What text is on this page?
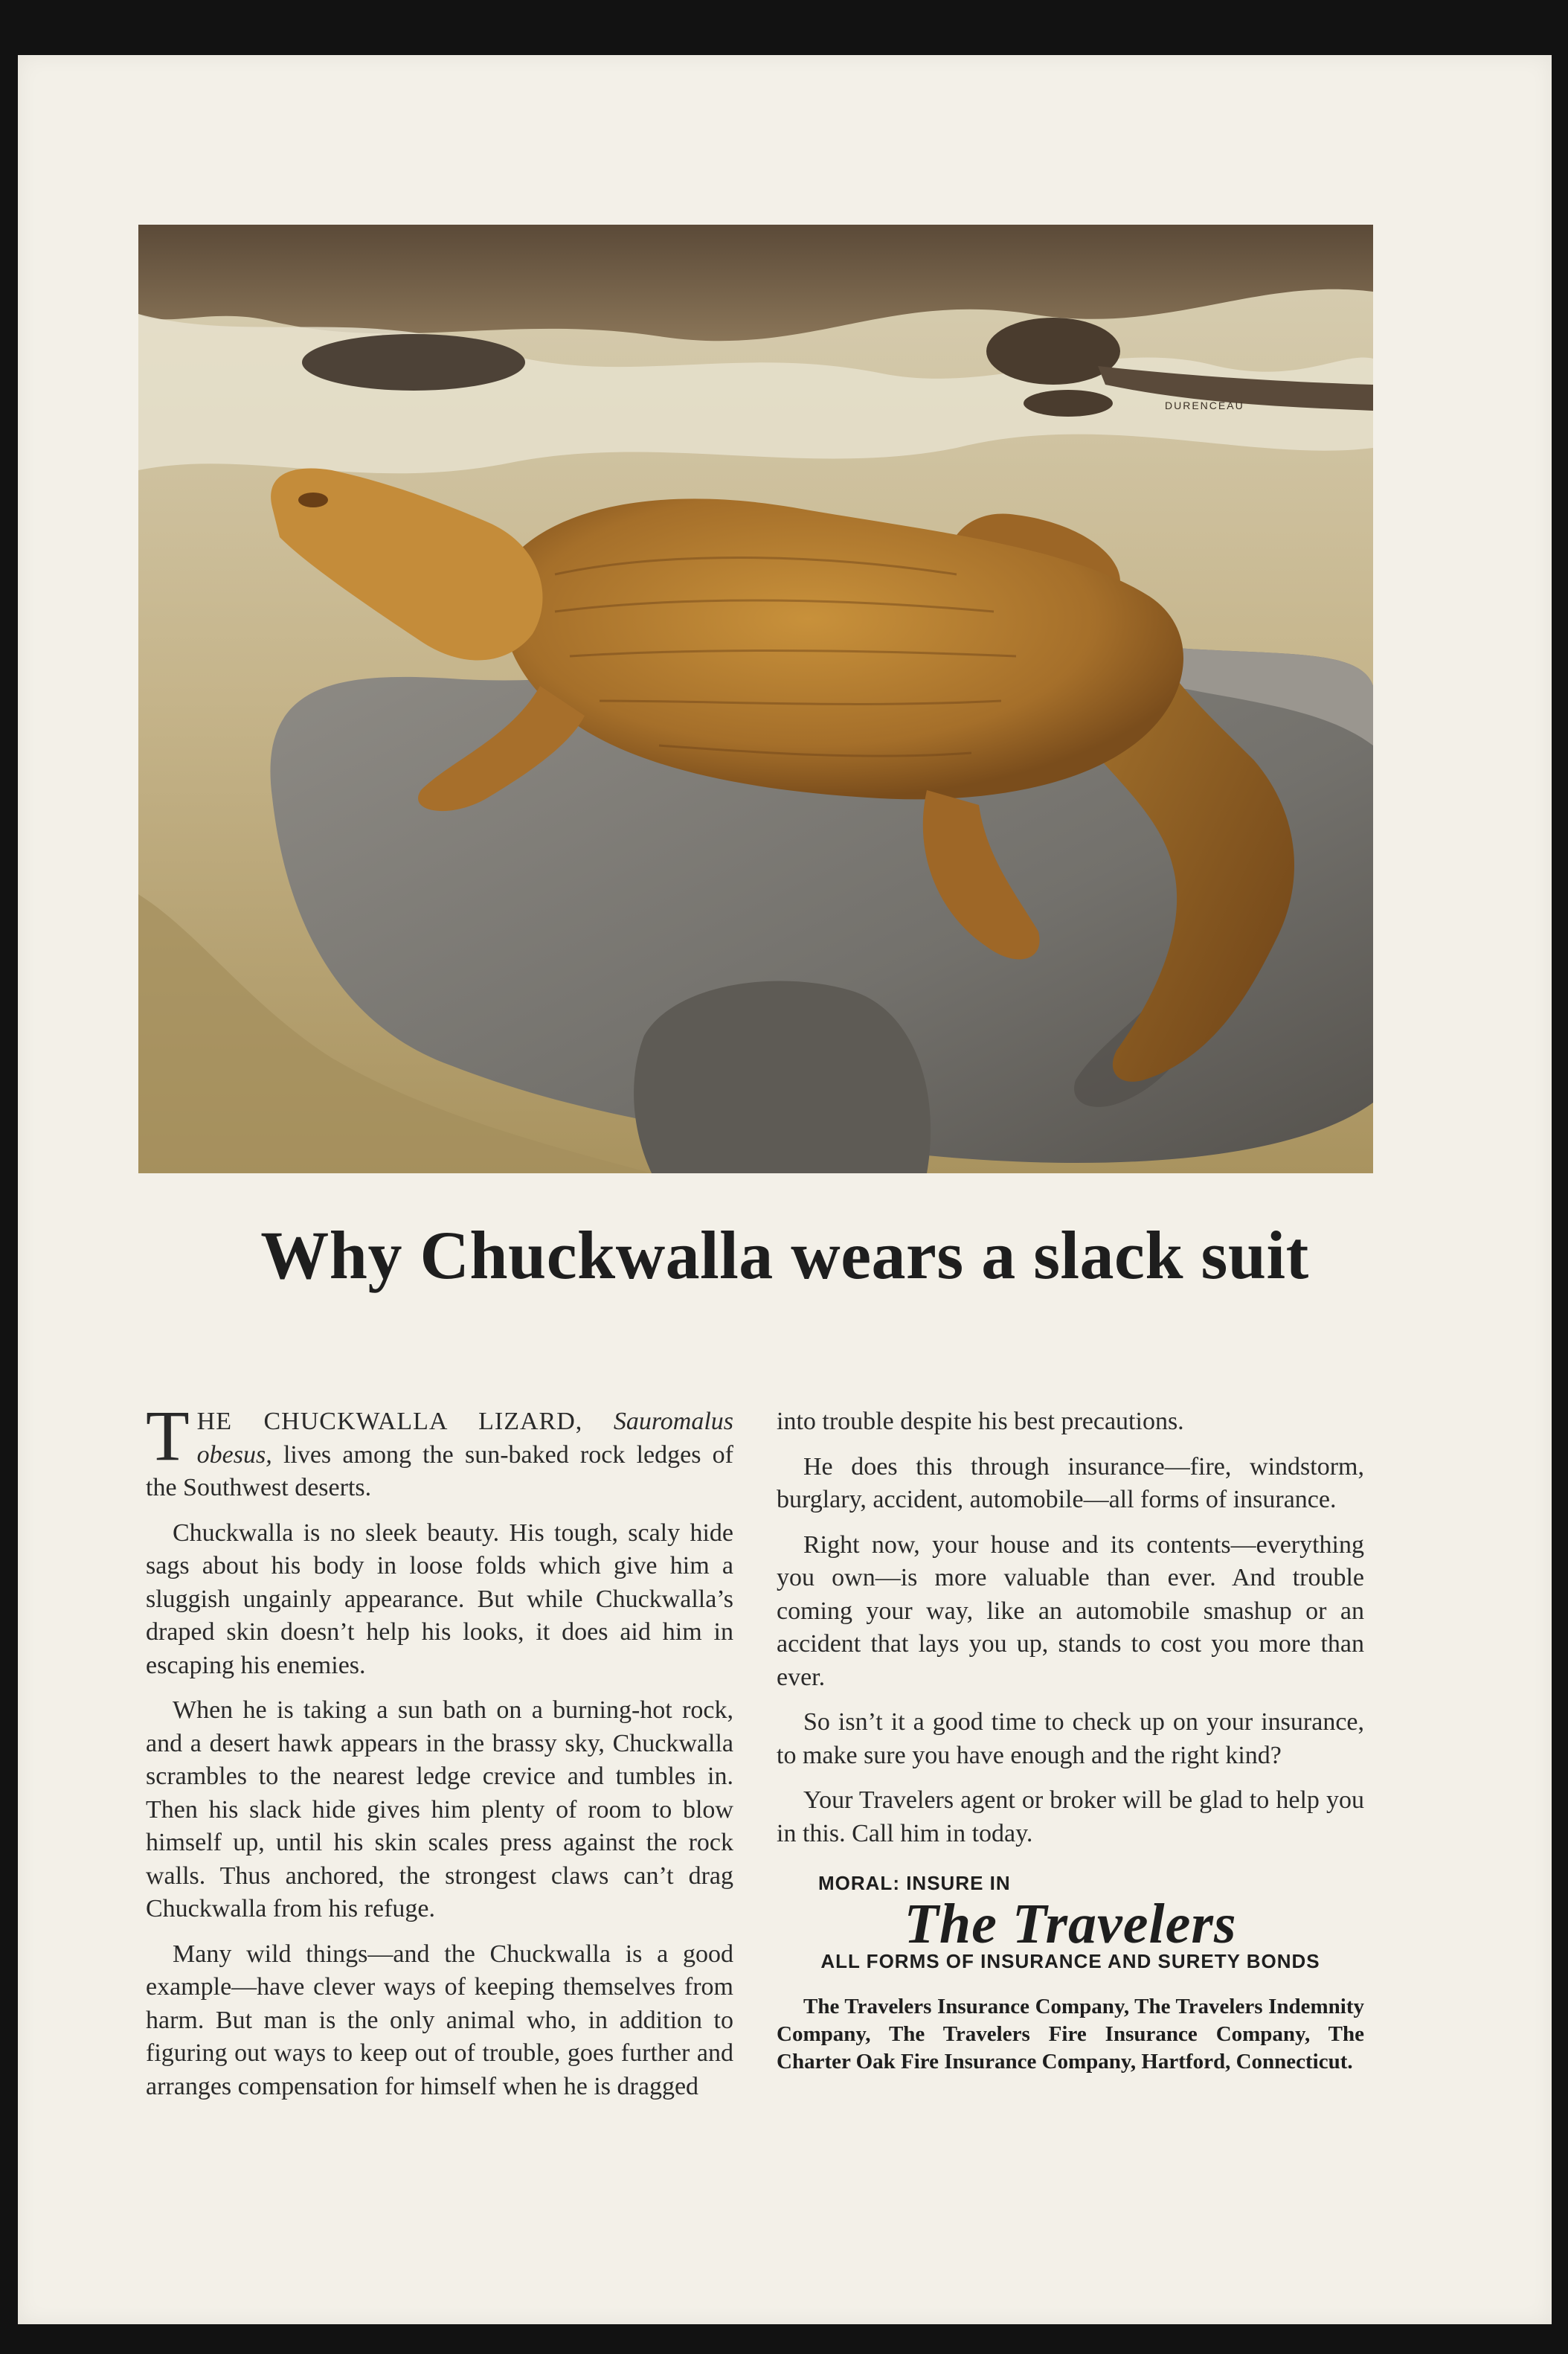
DURENCEAU
Why Chuckwalla wears a slack suit

THE CHUCKWALLA LIZARD, Sauromalus obesus, lives among the sun-baked rock ledges of the Southwest deserts.

Chuckwalla is no sleek beauty. His tough, scaly hide sags about his body in loose folds which give him a sluggish ungainly appearance. But while Chuckwalla’s draped skin doesn’t help his looks, it does aid him in escaping his enemies.

When he is taking a sun bath on a burning-hot rock, and a desert hawk appears in the brassy sky, Chuckwalla scrambles to the nearest ledge crevice and tumbles in. Then his slack hide gives him plenty of room to blow himself up, until his skin scales press against the rock walls. Thus anchored, the strongest claws can’t drag Chuckwalla from his refuge.

Many wild things—and the Chuckwalla is a good example—have clever ways of keeping themselves from harm. But man is the only animal who, in addition to figuring out ways to keep out of trouble, goes further and arranges compensation for himself when he is dragged

into trouble despite his best precautions.

He does this through insurance—fire, windstorm, burglary, accident, automobile—all forms of insurance.

Right now, your house and its contents—everything you own—is more valuable than ever. And trouble coming your way, like an automobile smashup or an accident that lays you up, stands to cost you more than ever.

So isn’t it a good time to check up on your insurance, to make sure you have enough and the right kind?

Your Travelers agent or broker will be glad to help you in this. Call him in today.

MORAL: INSURE IN
The Travelers
ALL FORMS OF INSURANCE AND SURETY BONDS

The Travelers Insurance Company, The Travelers Indemnity Company, The Travelers Fire Insurance Company, The Charter Oak Fire Insurance Company, Hartford, Connecticut.
